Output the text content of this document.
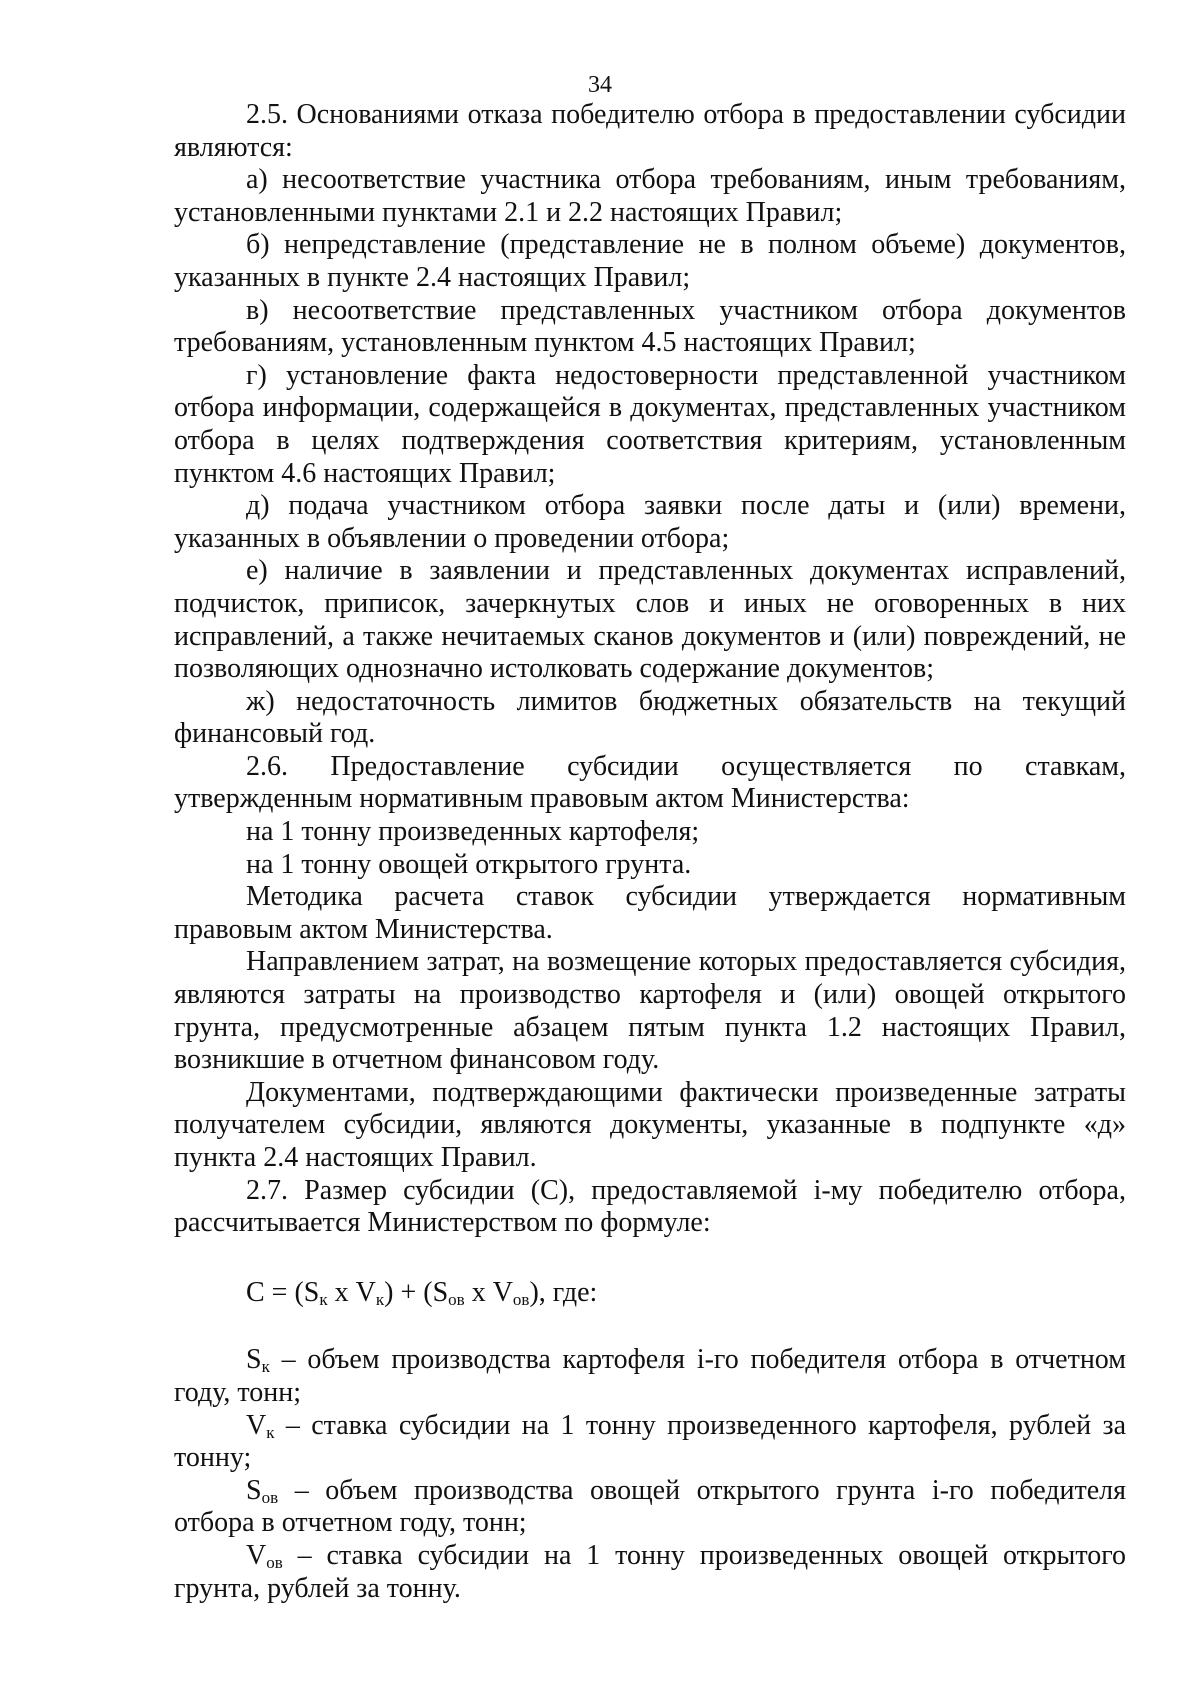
34

2.5. Основаниями отказа победителю отбора в предоставлении субсидии являются:

а) несоответствие участника отбора требованиям, иным требованиям, установленными пунктами 2.1 и 2.2 настоящих Правил;

б) непредставление (представление не в полном объеме) документов, указанных в пункте 2.4 настоящих Правил;

в) несоответствие представленных участником отбора документов требованиям, установленным пунктом 4.5 настоящих Правил;

г) установление факта недостоверности представленной участником отбора информации, содержащейся в документах, представленных участником отбора в целях подтверждения соответствия критериям, установленным пунктом 4.6 настоящих Правил;

д) подача участником отбора заявки после даты и (или) времени, указанных в объявлении о проведении отбора;

е) наличие в заявлении и представленных документах исправлений, подчисток, приписок, зачеркнутых слов и иных не оговоренных в них исправлений, а также нечитаемых сканов документов и (или) повреждений, не позволяющих однозначно истолковать содержание документов;

ж) недостаточность лимитов бюджетных обязательств на текущий финансовый год.

2.6. Предоставление субсидии осуществляется по ставкам, утвержденным нормативным правовым актом Министерства:

на 1 тонну произведенных картофеля;

на 1 тонну овощей открытого грунта.

Методика расчета ставок субсидии утверждается нормативным правовым актом Министерства.

Направлением затрат, на возмещение которых предоставляется субсидия, являются затраты на производство картофеля и (или) овощей открытого грунта, предусмотренные абзацем пятым пункта 1.2 настоящих Правил, возникшие в отчетном финансовом году.

Документами, подтверждающими фактически произведенные затраты получателем субсидии, являются документы, указанные в подпункте «д» пункта 2.4 настоящих Правил.

2.7. Размер субсидии (С), предоставляемой i-му победителю отбора, рассчитывается Министерством по формуле:

$С = (S_к$ х $V_к) + (S_{ов}$ х $V_{ов}$), где:

$S_к$ – объем производства картофеля i-го победителя отбора в отчетном году, тонн;

$V_к$ – ставка субсидии на 1 тонну произведенного картофеля, рублей за тонну;

$S_{ов}$ – объем производства овощей открытого грунта i-го победителя отбора в отчетном году, тонн;

$V_{ов}$ – ставка субсидии на 1 тонну произведенных овощей открытого грунта, рублей за тонну.
